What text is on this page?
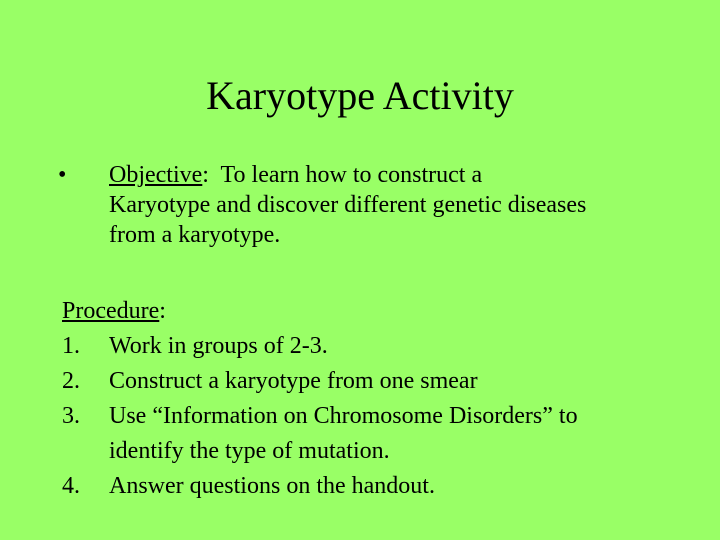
Karyotype Activity
• Objective: To learn how to construct a Karyotype and discover different genetic diseases from a karyotype.
Procedure:
1. Work in groups of 2-3.
2. Construct a karyotype from one smear
3. Use “Information on Chromosome Disorders” to identify the type of mutation.
4. Answer questions on the handout.
